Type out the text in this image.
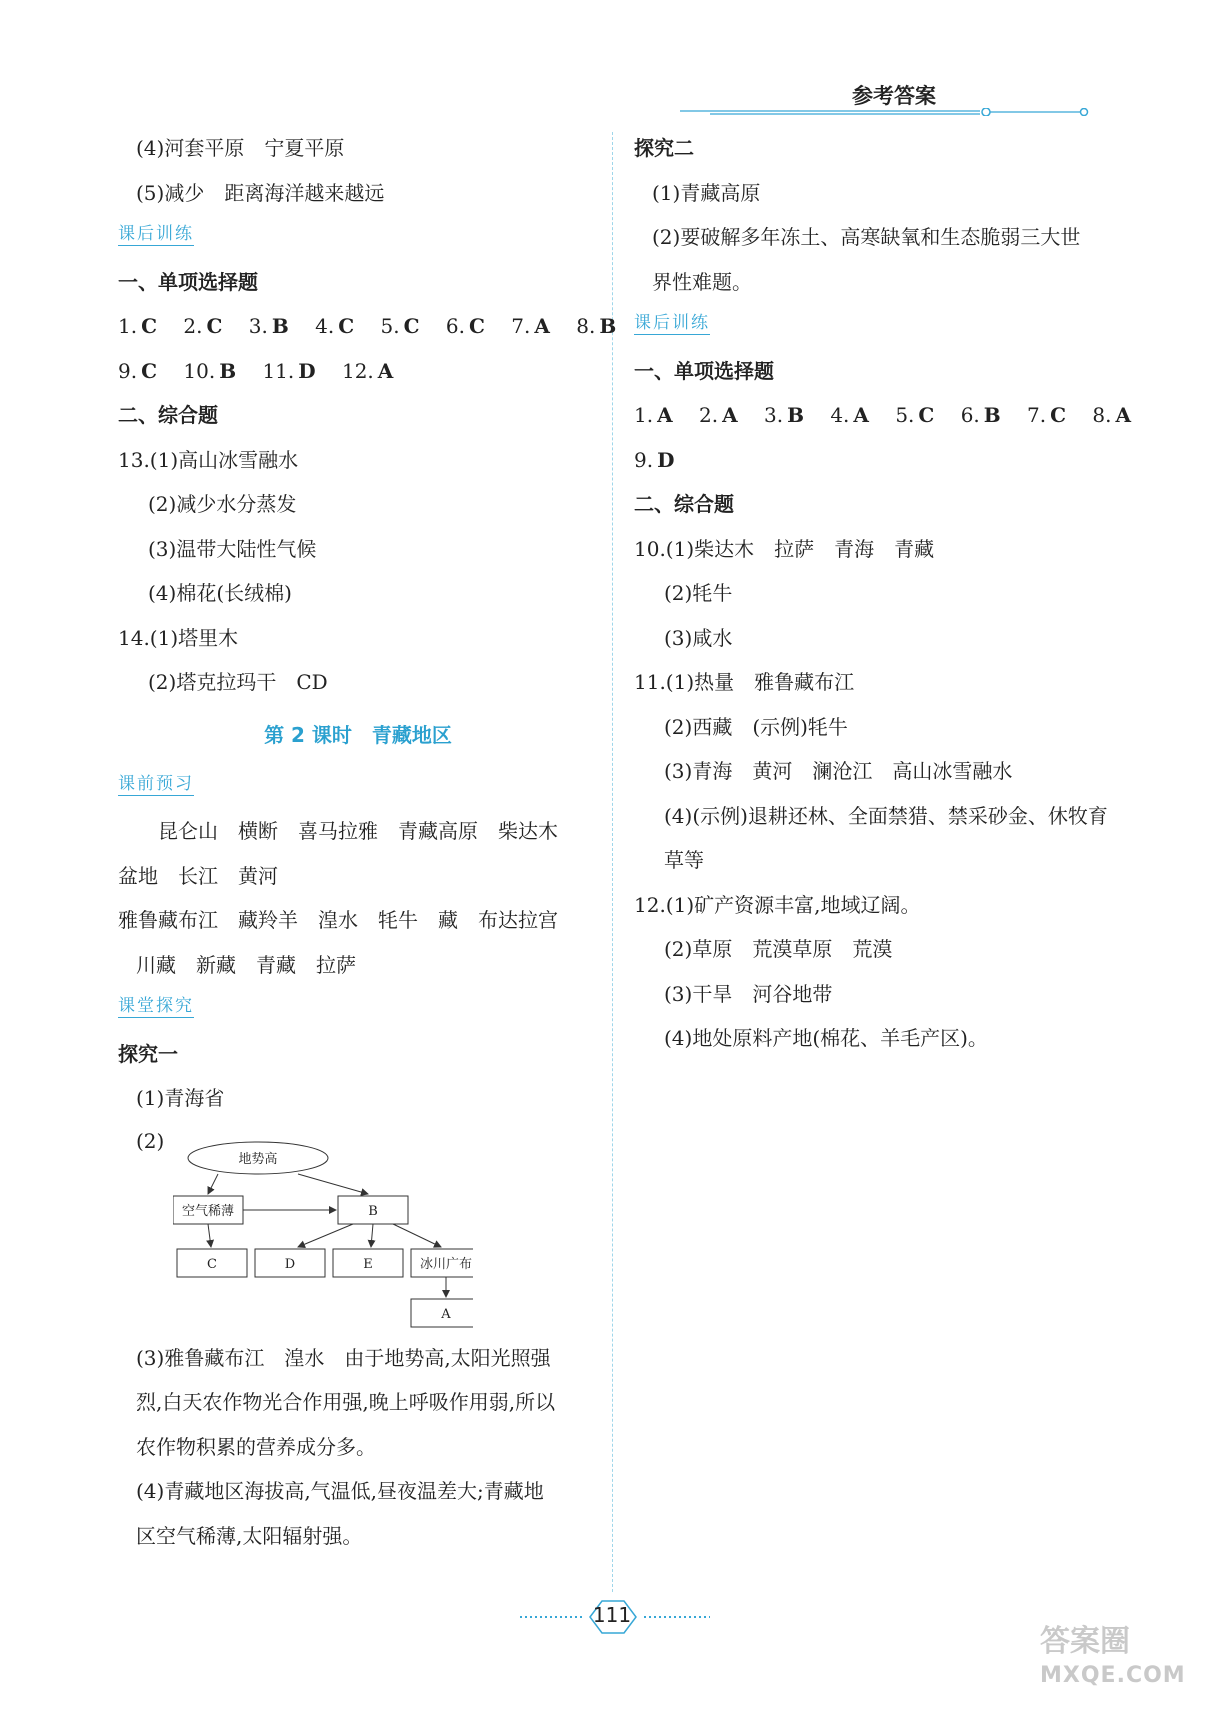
参考答案
(4)河套平原　宁夏平原
(5)减少　距离海洋越来越远
课后训练
一、单项选择题
1. C 2. C 3. B 4. C 5. C 6. C 7. A 8. B
9. C 10. B 11. D 12. A
二、综合题
13.(1)高山冰雪融水
(2)减少水分蒸发
(3)温带大陆性气候
(4)棉花(长绒棉)
14.(1)塔里木
(2)塔克拉玛干　CD
第 2 课时　青藏地区
课前预习
昆仑山　横断　喜马拉雅　青藏高原　柴达木
盆地　长江　黄河
雅鲁藏布江　藏羚羊　湟水　牦牛　藏　布达拉宫
川藏　新藏　青藏　拉萨
课堂探究
探究一
(1)青海省
(2)
地势高
空气稀薄	B
C	D	E	冰川广布
A
(3)雅鲁藏布江　湟水　由于地势高,太阳光照强
烈,白天农作物光合作用强,晚上呼吸作用弱,所以
农作物积累的营养成分多。
(4)青藏地区海拔高,气温低,昼夜温差大;青藏地
区空气稀薄,太阳辐射强。
探究二
(1)青藏高原
(2)要破解多年冻土、高寒缺氧和生态脆弱三大世
界性难题。
课后训练
一、单项选择题
1. A 2. A 3. B 4. A 5. C 6. B 7. C 8. A
9. D
二、综合题
10.(1)柴达木　拉萨　青海　青藏
(2)牦牛
(3)咸水
11.(1)热量　雅鲁藏布江
(2)西藏　(示例)牦牛
(3)青海　黄河　澜沧江　高山冰雪融水
(4)(示例)退耕还林、全面禁猎、禁采砂金、休牧育
草等
12.(1)矿产资源丰富,地域辽阔。
(2)草原　荒漠草原　荒漠
(3)干旱　河谷地带
(4)地处原料产地(棉花、羊毛产区)。
111
答案圈
MXQE.COM
